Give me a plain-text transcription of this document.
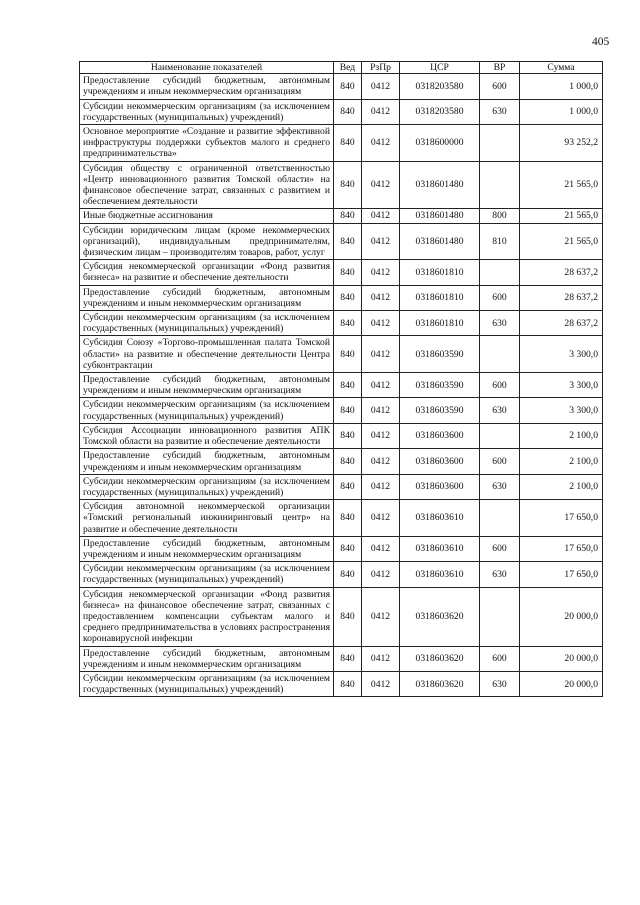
405
Наименование показателей	Вед	РзПр	ЦСР	ВР	Сумма
Предоставление субсидий бюджетным, автономным учреждениям и иным некоммерческим организациям	840	0412	0318203580	600	1 000,0
Субсидии некоммерческим организациям (за исключением государственных (муниципальных) учреждений)	840	0412	0318203580	630	1 000,0
Основное мероприятие «Создание и развитие эффективной инфраструктуры поддержки субъектов малого и среднего предпринимательства»	840	0412	0318600000		93 252,2
Субсидия обществу с ограниченной ответственностью «Центр инновационного развития Томской области» на финансовое обеспечение затрат, связанных с развитием и обеспечением деятельности	840	0412	0318601480		21 565,0
Иные бюджетные ассигнования	840	0412	0318601480	800	21 565,0
Субсидии юридическим лицам (кроме некоммерческих организаций), индивидуальным предпринимателям, физическим лицам – производителям товаров, работ, услуг	840	0412	0318601480	810	21 565,0
Субсидия некоммерческой организации «Фонд развития бизнеса» на развитие и обеспечение деятельности	840	0412	0318601810		28 637,2
Предоставление субсидий бюджетным, автономным учреждениям и иным некоммерческим организациям	840	0412	0318601810	600	28 637,2
Субсидии некоммерческим организациям (за исключением государственных (муниципальных) учреждений)	840	0412	0318601810	630	28 637,2
Субсидия Союзу «Торгово-промышленная палата Томской области» на развитие и обеспечение деятельности Центра субконтрактации	840	0412	0318603590		3 300,0
Предоставление субсидий бюджетным, автономным учреждениям и иным некоммерческим организациям	840	0412	0318603590	600	3 300,0
Субсидии некоммерческим организациям (за исключением государственных (муниципальных) учреждений)	840	0412	0318603590	630	3 300,0
Субсидия Ассоциации инновационного развития АПК Томской области на развитие и обеспечение деятельности	840	0412	0318603600		2 100,0
Предоставление субсидий бюджетным, автономным учреждениям и иным некоммерческим организациям	840	0412	0318603600	600	2 100,0
Субсидии некоммерческим организациям (за исключением государственных (муниципальных) учреждений)	840	0412	0318603600	630	2 100,0
Субсидия автономной некоммерческой организации «Томский региональный инжиниринговый центр» на развитие и обеспечение деятельности	840	0412	0318603610		17 650,0
Предоставление субсидий бюджетным, автономным учреждениям и иным некоммерческим организациям	840	0412	0318603610	600	17 650,0
Субсидии некоммерческим организациям (за исключением государственных (муниципальных) учреждений)	840	0412	0318603610	630	17 650,0
Субсидия некоммерческой организации «Фонд развития бизнеса» на финансовое обеспечение затрат, связанных с предоставлением компенсации субъектам малого и среднего предпринимательства в условиях распространения коронавирусной инфекции	840	0412	0318603620		20 000,0
Предоставление субсидий бюджетным, автономным учреждениям и иным некоммерческим организациям	840	0412	0318603620	600	20 000,0
Субсидии некоммерческим организациям (за исключением государственных (муниципальных) учреждений)	840	0412	0318603620	630	20 000,0
